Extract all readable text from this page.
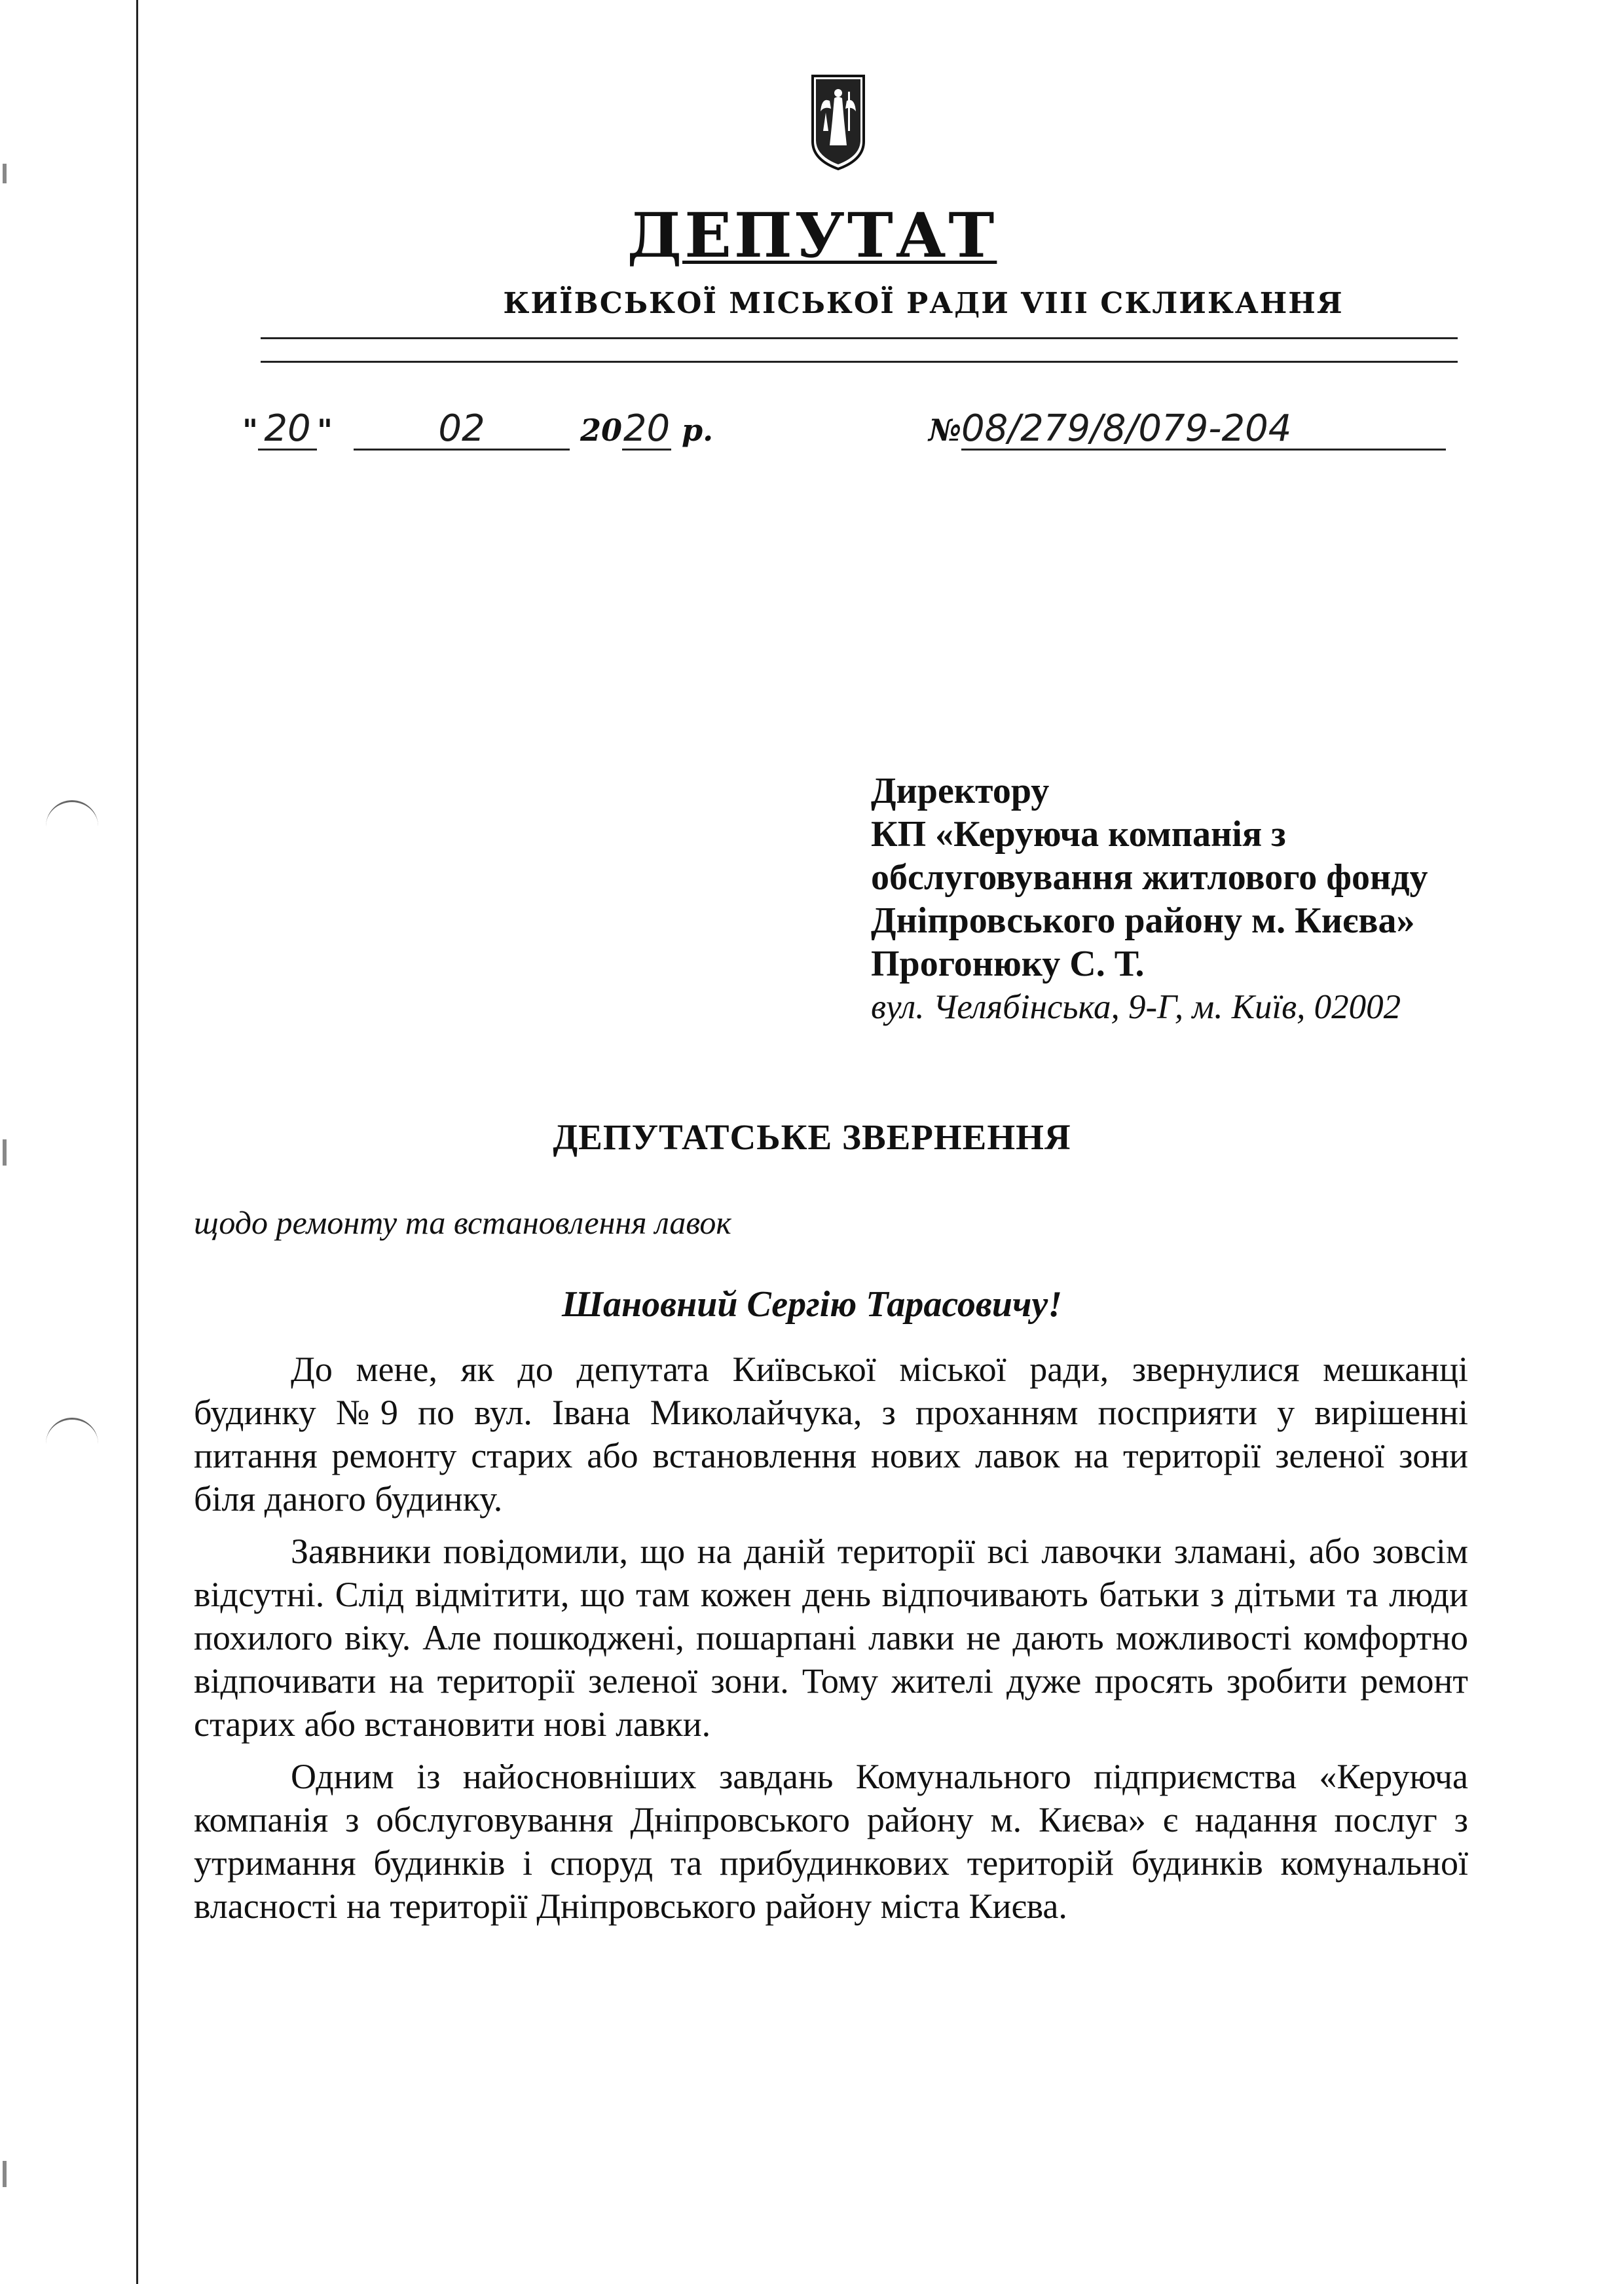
ДЕПУТАТ
КИЇВСЬКОЇ МІСЬКОЇ РАДИ VIII СКЛИКАННЯ
" 20 "  02	2020 р.	№08/279/8/079-204
Директору
КП «Керуюча компанія з
обслуговування житлового фонду
Дніпровського району м. Києва»
Прогонюку С. Т.
вул. Челябінська, 9-Г, м. Київ, 02002
ДЕПУТАТСЬКЕ ЗВЕРНЕННЯ
щодо ремонту та встановлення лавок
Шановний Сергію Тарасовичу!

До мене, як до депутата Київської міської ради, звернулися мешканці будинку №9 по вул. Івана Миколайчука, з проханням посприяти у вирішенні питання ремонту старих або встановлення нових лавок на території зеленої зони біля даного будинку.

Заявники повідомили, що на даній території всі лавочки зламані, або зовсім відсутні. Слід відмітити, що там кожен день відпочивають батьки з дітьми та люди похилого віку. Але пошкоджені, пошарпані лавки не дають можливості комфортно відпочивати на території зеленої зони. Тому жителі дуже просять зробити ремонт старих або встановити нові лавки.

Одним із найосновніших завдань Комунального підприємства «Керуюча компанія з обслуговування Дніпровського району м. Києва» є надання послуг з утримання будинків і споруд та прибудинкових територій будинків комунальної власності на території Дніпровського району міста Києва.
